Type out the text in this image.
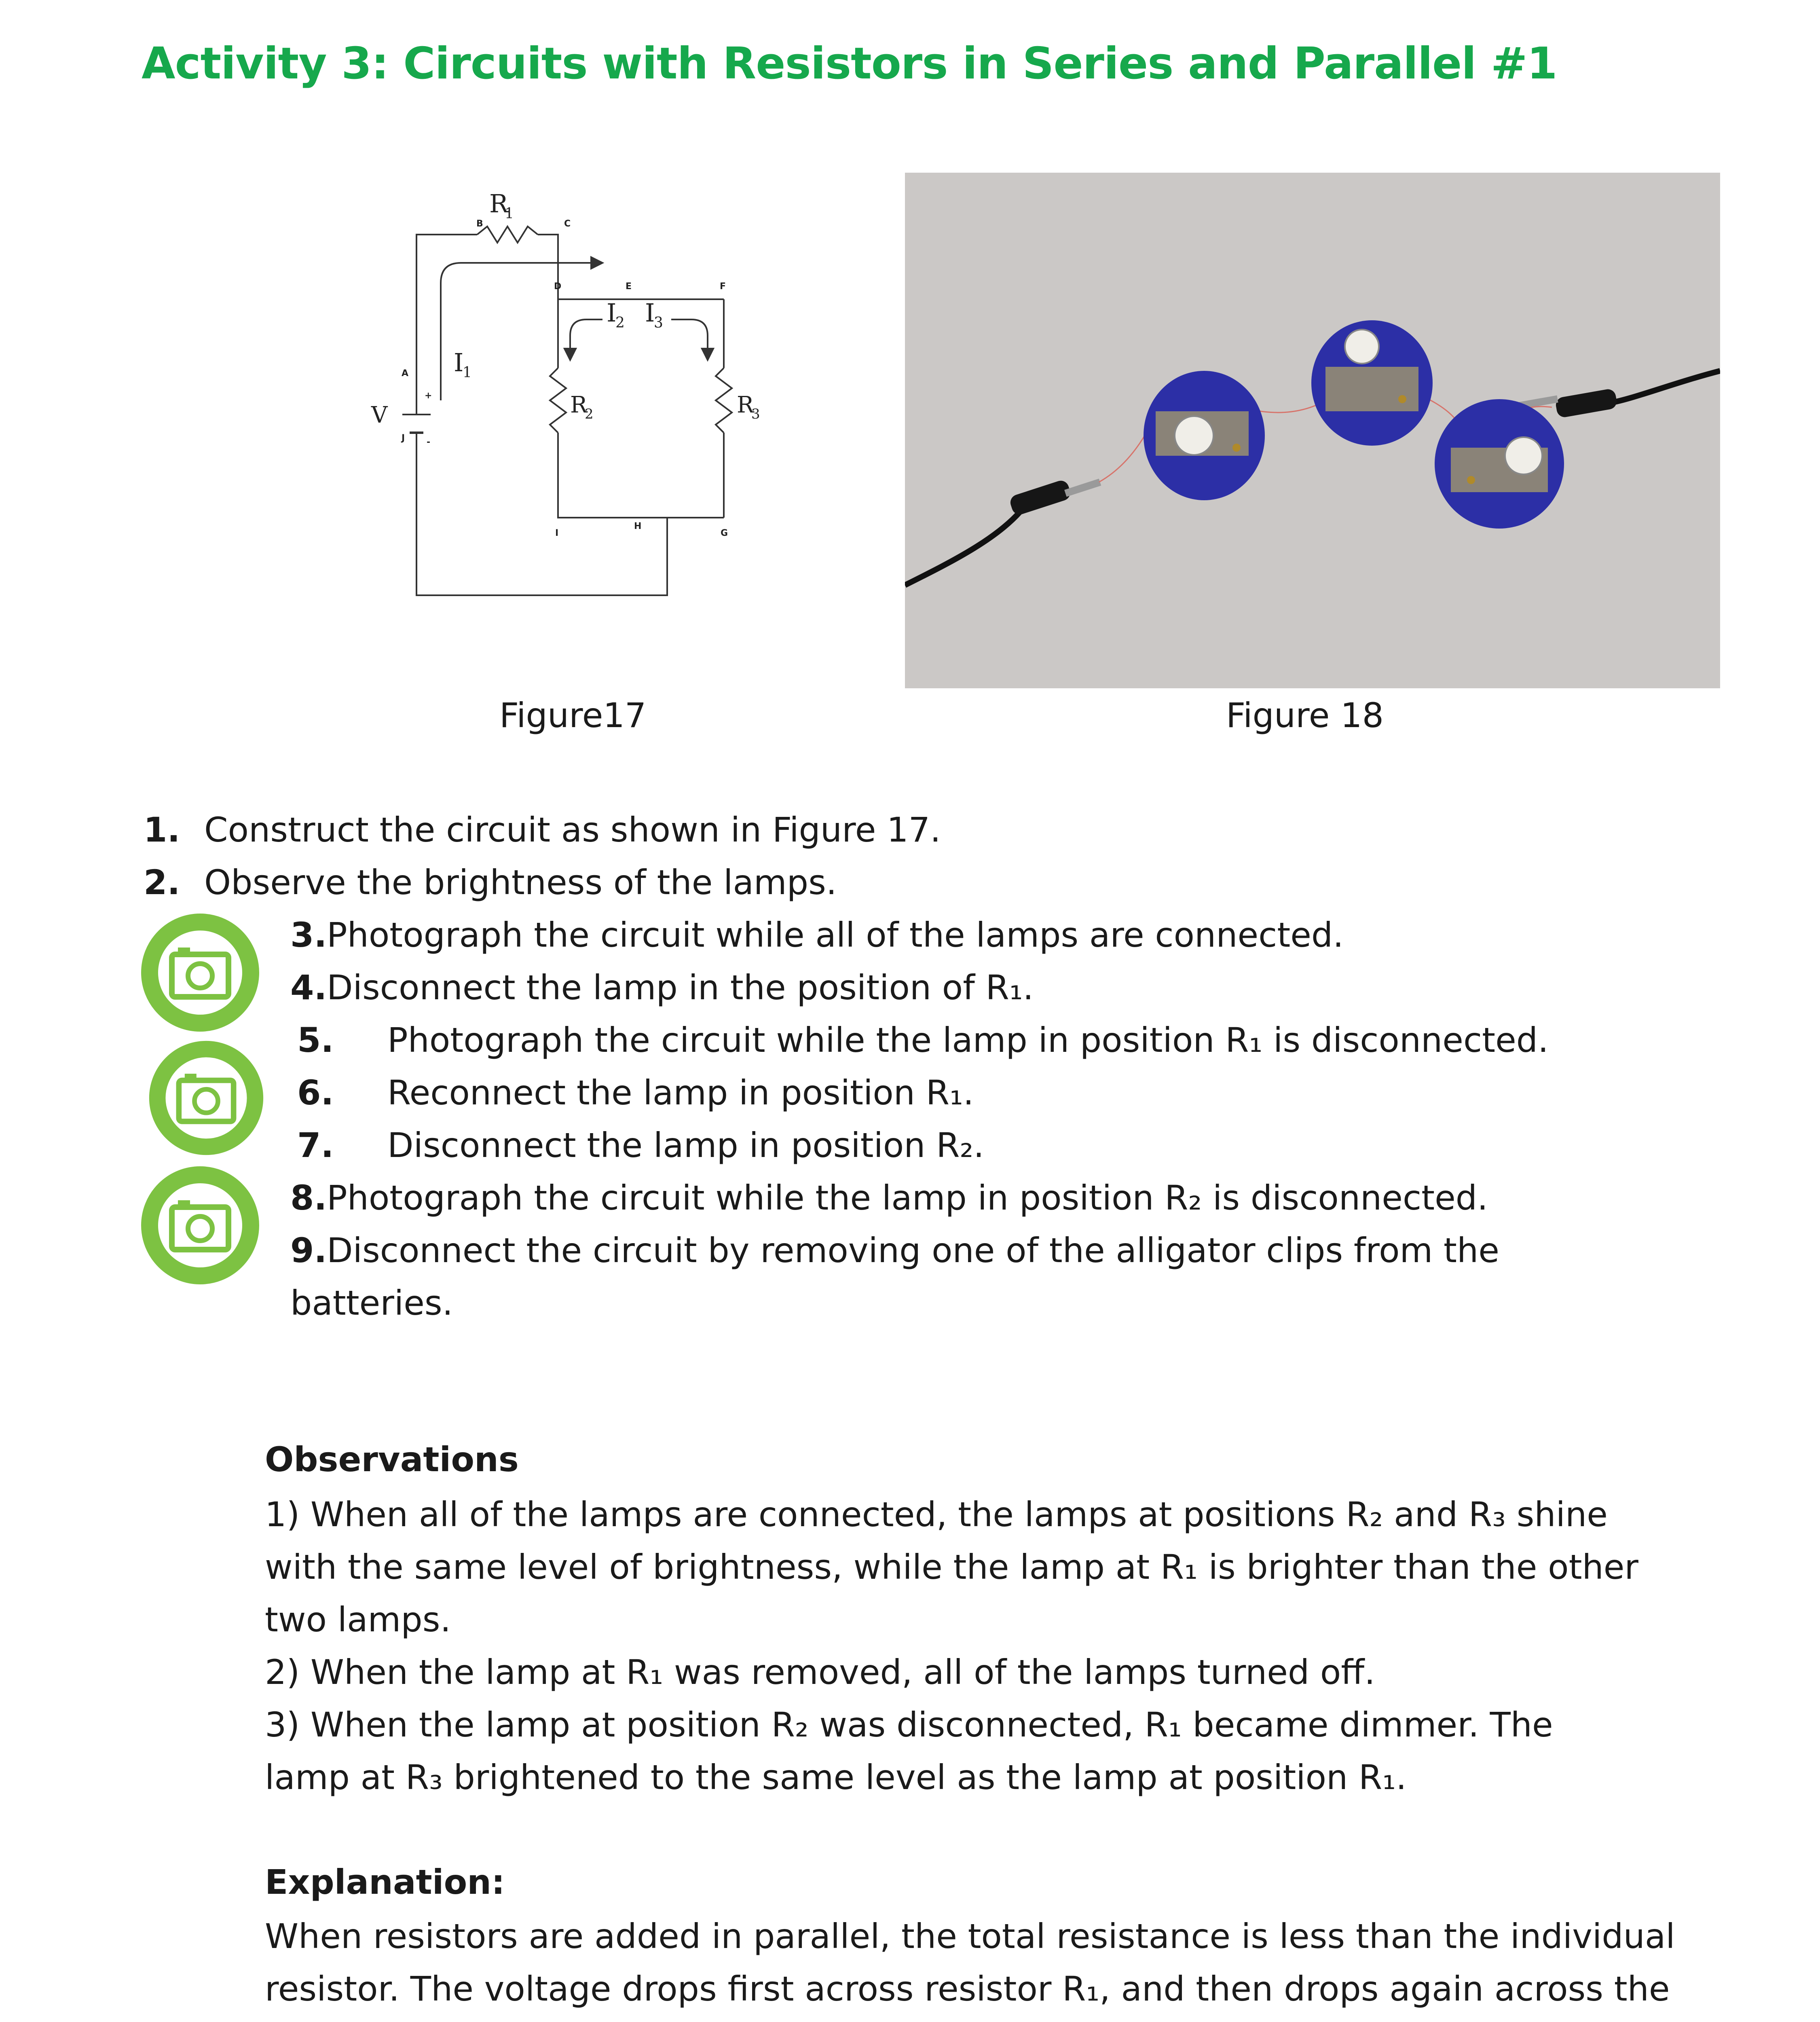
Activity 3: Circuits with Resistors in Series and Parallel #1
R
1
I
1
I
2 I
3
R
2	R
3
V
+
-
A
B	C
D	E	F
G
H
I
J
Figure17	Figure 18
1. Construct the circuit as shown in Figure 17.
2. Observe the brightness of the lamps.
3. Photograph the circuit while all of the lamps are connected.
4. Disconnect the lamp in the position of R₁.
5. Photograph the circuit while the lamp in position R₁ is disconnected.
6. Reconnect the lamp in position R₁.
7. Disconnect the lamp in position R₂.
8. Photograph the circuit while the lamp in position R₂ is disconnected.
9. Disconnect the circuit by removing one of the alligator clips from the
batteries.
Observations
1) When all of the lamps are connected, the lamps at positions R₂ and R₃ shine
with the same level of brightness, while the lamp at R₁ is brighter than the other
two lamps.
2) When the lamp at R₁ was removed, all of the lamps turned off.
3) When the lamp at position R₂ was disconnected, R₁ became dimmer. The
lamp at R₃ brightened to the same level as the lamp at position R₁.
Explanation:
When resistors are added in parallel, the total resistance is less than the individual
resistor. The voltage drops first across resistor R₁, and then drops again across the
